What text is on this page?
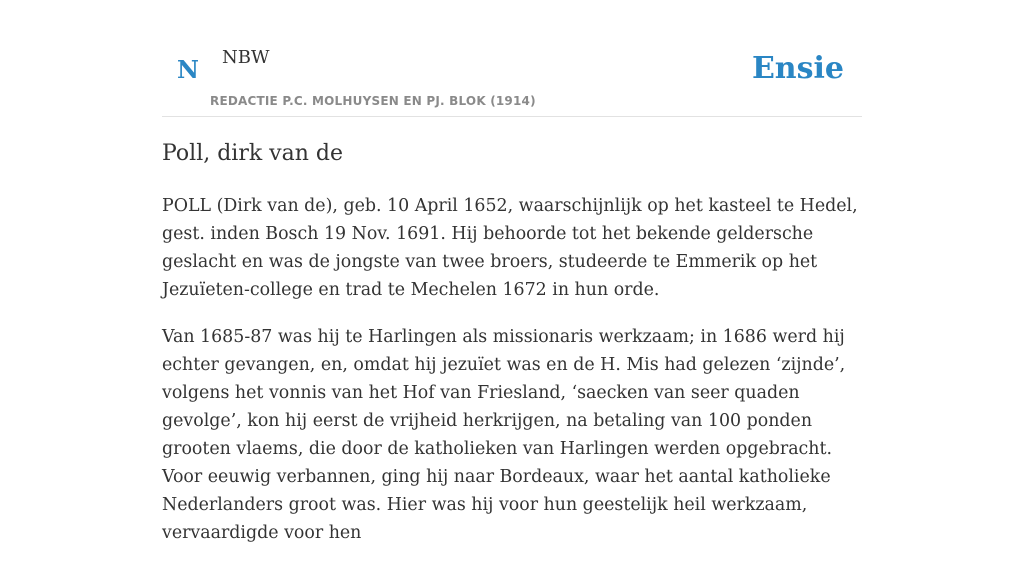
N NBW
REDACTIE P.C. MOLHUYSEN EN PJ. BLOK (1914)
Ensie
Poll, dirk van de

POLL (Dirk van de), geb. 10 April 1652, waarschijnlijk op het kasteel te Hedel, gest. inden Bosch 19 Nov. 1691. Hij behoorde tot het bekende geldersche geslacht en was de jongste van twee broers, studeerde te Emmerik op het Jezuïeten-college en trad te Mechelen 1672 in hun orde.

Van 1685-87 was hij te Harlingen als missionaris werkzaam; in 1686 werd hij echter gevangen, en, omdat hij jezuïet was en de H. Mis had gelezen ‘zijnde’, volgens het vonnis van het Hof van Friesland, ‘saecken van seer quaden gevolge’, kon hij eerst de vrijheid herkrijgen, na betaling van 100 ponden grooten vlaems, die door de katholieken van Harlingen werden opgebracht. Voor eeuwig verbannen, ging hij naar Bordeaux, waar het aantal katholieke Nederlanders groot was. Hier was hij voor hun geestelijk heil werkzaam, vervaardigde voor hen
